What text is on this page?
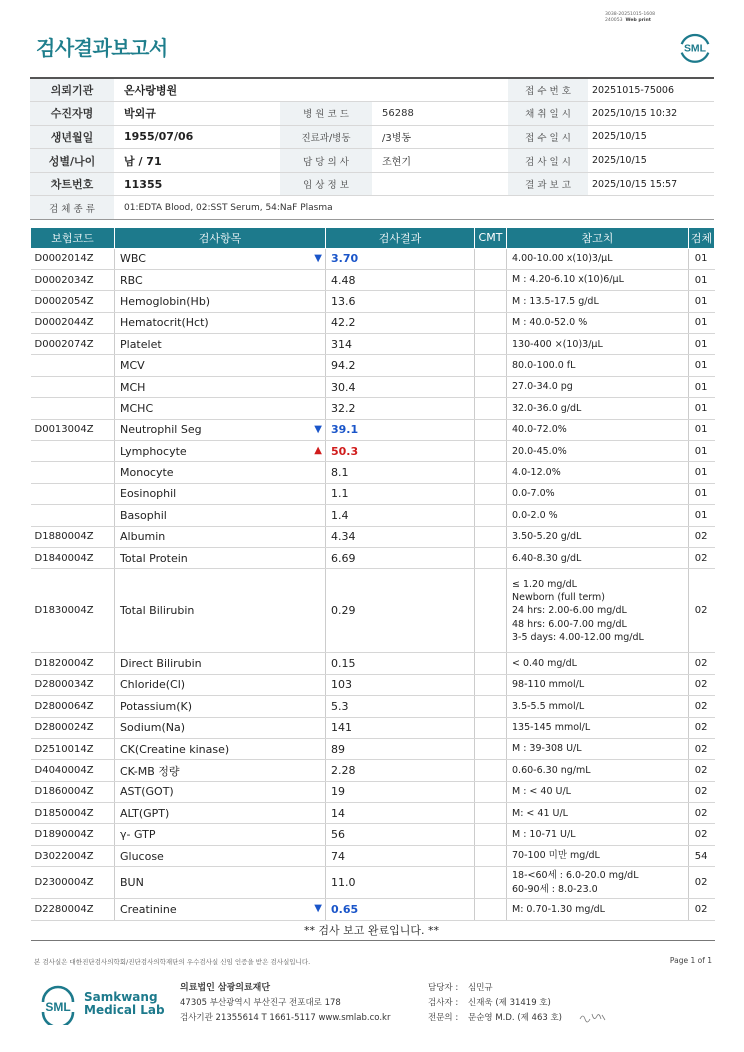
3038-20251015-1608
240053 Web print
검사결과보고서	SML
의뢰기관	온사랑병원			접 수 번 호	20251015-75006
수진자명	박외규	병 원 코 드	56288	채 취 일 시	2025/10/15 10:32
생년월일	1955/07/06	진료과/병동	/3병동	접 수 일 시	2025/10/15
성별/나이	남 / 71	담 당 의 사	조현기	검 사 일 시	2025/10/15
차트번호	11355	임 상 정 보		결 과 보 고	2025/10/15 15:57
검 체 종 류	01:EDTA Blood, 02:SST Serum, 54:NaF Plasma				
보험코드	검사항목	검사결과	CMT	참고치	검체
D0002014Z	WBC ▼	3.70		4.00-10.00 x(10)3/μL	01
D0002034Z	RBC	4.48		M : 4.20-6.10 x(10)6/μL	01
D0002054Z	Hemoglobin(Hb)	13.6		M : 13.5-17.5 g/dL	01
D0002044Z	Hematocrit(Hct)	42.2		M : 40.0-52.0 %	01
D0002074Z	Platelet	314		130-400 ×(10)3/μL	01
	MCV	94.2		80.0-100.0 fL	01
	MCH	30.4		27.0-34.0 pg	01
	MCHC	32.2		32.0-36.0 g/dL	01
D0013004Z	Neutrophil Seg ▼	39.1		40.0-72.0%	01
	Lymphocyte ▲	50.3		20.0-45.0%	01
	Monocyte	8.1		4.0-12.0%	01
	Eosinophil	1.1		0.0-7.0%	01
	Basophil	1.4		0.0-2.0 %	01
D1880004Z	Albumin	4.34		3.50-5.20 g/dL	02
D1840004Z	Total Protein	6.69		6.40-8.30 g/dL	02
D1830004Z	Total Bilirubin	0.29		≤ 1.20 mg/dL
Newborn (full term)
24 hrs: 2.00-6.00 mg/dL
48 hrs: 6.00-7.00 mg/dL
3-5 days: 4.00-12.00 mg/dL	02
D1820004Z	Direct Bilirubin	0.15		< 0.40 mg/dL	02
D2800034Z	Chloride(Cl)	103		98-110 mmol/L	02
D2800064Z	Potassium(K)	5.3		3.5-5.5 mmol/L	02
D2800024Z	Sodium(Na)	141		135-145 mmol/L	02
D2510014Z	CK(Creatine kinase)	89		M : 39-308 U/L	02
D4040004Z	CK-MB 정량	2.28		0.60-6.30 ng/mL	02
D1860004Z	AST(GOT)	19		M : < 40 U/L	02
D1850004Z	ALT(GPT)	14		M: < 41 U/L	02
D1890004Z	γ- GTP	56		M : 10-71 U/L	02
D3022004Z	Glucose	74		70-100 미만 mg/dL	54
D2300004Z	BUN	11.0		18-<60세 : 6.0-20.0 mg/dL
60-90세 : 8.0-23.0	02
D2280004Z	Creatinine ▼	0.65		M: 0.70-1.30 mg/dL	02
** 검사 보고 완료입니다. **					
본 검사실은 대한진단검사의학회/진단검사의학재단의 우수검사실 신임 인증을 받은 검사실입니다.	Page 1 of 1
SML
Samkwang
Medical Lab
의료법인 삼광의료재단
47305 부산광역시 부산진구 전포대로 178
검사기관 21355614 T 1661-5117 www.smlab.co.kr
담당자 : 심민규
검사자 : 신재욱 (제 31419 호)
전문의 : 문순영 M.D. (제 463 호)
